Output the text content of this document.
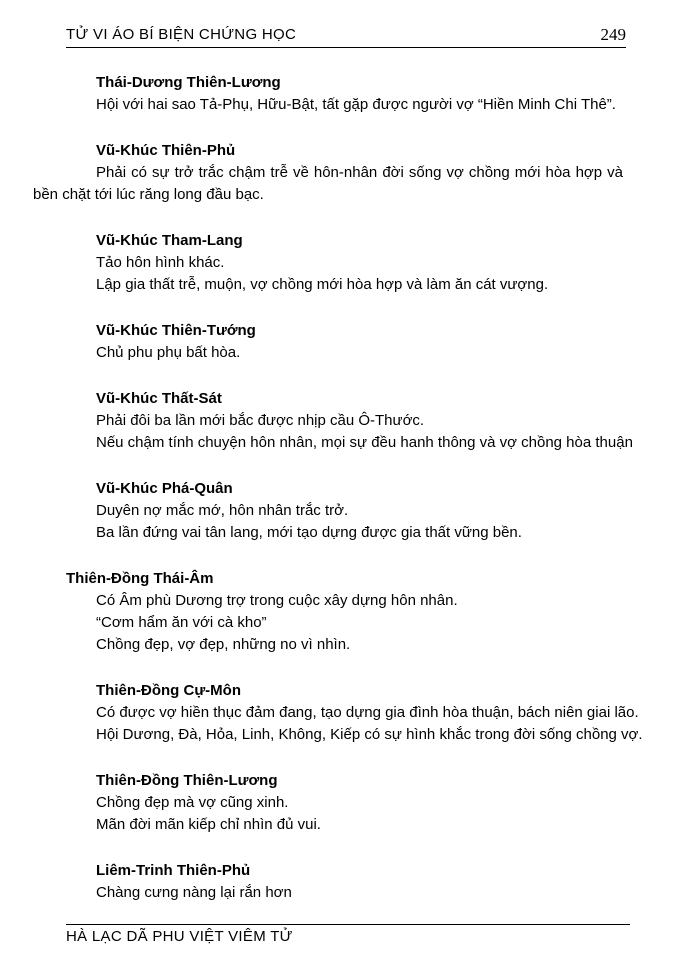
TỬ VI ÁO BÍ BIỆN CHỨNG HỌC	249
Thái-Dương Thiên-Lương

Hội với hai sao Tả-Phụ, Hữu-Bật, tất gặp được người vợ “Hiền Minh Chi Thê”.

Vũ-Khúc Thiên-Phủ

Phải có sự trở trắc chậm trễ về hôn-nhân đời sống vợ chồng mới hòa hợp và bền chặt tới lúc răng long đầu bạc.

Vũ-Khúc Tham-Lang

Tảo hôn hình khác.

Lập gia thất trễ, muộn, vợ chồng mới hòa hợp và làm ăn cát vượng.

Vũ-Khúc Thiên-Tướng

Chủ phu phụ bất hòa.

Vũ-Khúc Thất-Sát

Phải đôi ba lần mới bắc được nhịp cầu Ô-Thước.

Nếu chậm tính chuyện hôn nhân, mọi sự đều hanh thông và vợ chồng hòa thuận

Vũ-Khúc Phá-Quân

Duyên nợ mắc mớ, hôn nhân trắc trở.

Ba lần đứng vai tân lang, mới tạo dựng được gia thất vững bền.

Thiên-Đồng Thái-Âm

Có Âm phù Dương trợ trong cuộc xây dựng hôn nhân.

“Cơm hẩm ăn với cà kho”

Chồng đẹp, vợ đẹp, những no vì nhìn.

Thiên-Đồng Cự-Môn

Có được vợ hiền thục đảm đang, tạo dựng gia đình hòa thuận, bách niên giai lão.

Hội Dương, Đà, Hỏa, Linh, Không, Kiếp có sự hình khắc trong đời sống chồng vợ.

Thiên-Đồng Thiên-Lương

Chồng đẹp mà vợ cũng xinh.

Mãn đời mãn kiếp chỉ nhìn đủ vui.

Liêm-Trinh Thiên-Phủ

Chàng cưng nàng lại rắn hơn

HÀ LẠC DÃ PHU VIỆT VIÊM TỬ
